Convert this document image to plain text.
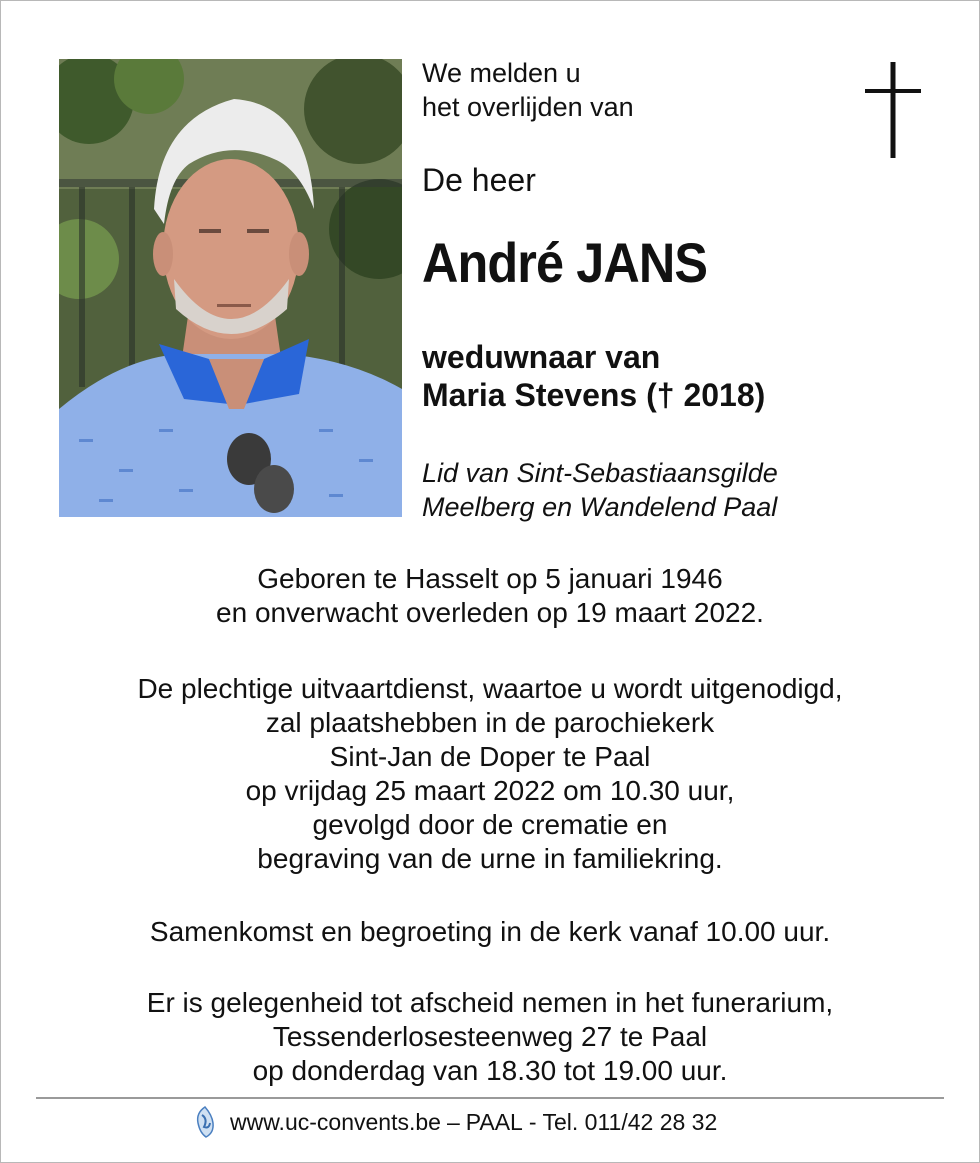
We melden u
het overlijden van
De heer
André JANS
weduwnaar van
Maria Stevens († 2018)
Lid van Sint-Sebastiaansgilde
Meelberg en Wandelend Paal
Geboren te Hasselt op 5 januari 1946
en onverwacht overleden op 19 maart 2022.
De plechtige uitvaartdienst, waartoe u wordt uitgenodigd,
zal plaatshebben in de parochiekerk
Sint-Jan de Doper te Paal
op vrijdag 25 maart 2022 om 10.30 uur,
gevolgd door de crematie en
begraving van de urne in familiekring.
Samenkomst en begroeting in de kerk vanaf 10.00 uur.
Er is gelegenheid tot afscheid nemen in het funerarium,
Tessenderlosesteenweg 27 te Paal
op donderdag van 18.30 tot 19.00 uur.
www.uc-convents.be – PAAL - Tel. 011/42 28 32
